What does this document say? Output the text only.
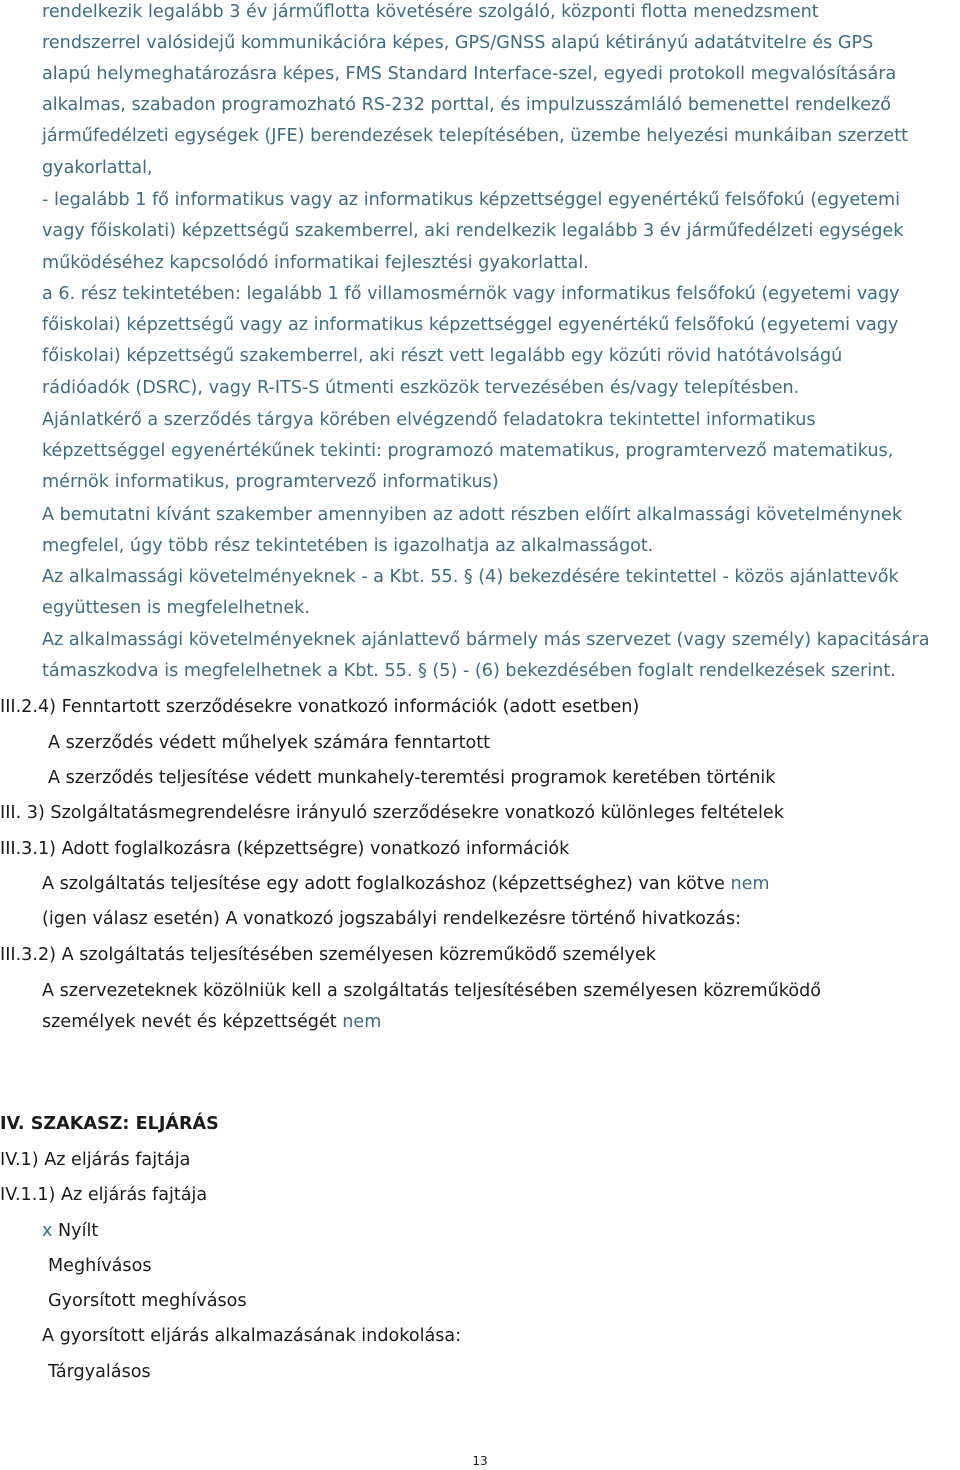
rendelkezik legalább 3 év járműflotta követésére szolgáló, központi flotta menedzsment
rendszerrel valósidejű kommunikációra képes, GPS/GNSS alapú kétirányú adatátvitelre és GPS
alapú helymeghatározásra képes, FMS Standard Interface-szel, egyedi protokoll megvalósítására
alkalmas, szabadon programozható RS-232 porttal, és impulzusszámláló bemenettel rendelkező
járműfedélzeti egységek (JFE) berendezések telepítésében, üzembe helyezési munkáiban szerzett
gyakorlattal,
- legalább 1 fő informatikus vagy az informatikus képzettséggel egyenértékű felsőfokú (egyetemi
vagy főiskolati) képzettségű szakemberrel, aki rendelkezik legalább 3 év járműfedélzeti egységek
működéséhez kapcsolódó informatikai fejlesztési gyakorlattal.
a 6. rész tekintetében: legalább 1 fő villamosmérnök vagy informatikus felsőfokú (egyetemi vagy
főiskolai) képzettségű vagy az informatikus képzettséggel egyenértékű felsőfokú (egyetemi vagy
főiskolai) képzettségű szakemberrel, aki részt vett legalább egy közúti rövid hatótávolságú
rádióadók (DSRC), vagy R-ITS-S útmenti eszközök tervezésében és/vagy telepítésben.
Ajánlatkérő a szerződés tárgya körében elvégzendő feladatokra tekintettel informatikus
képzettséggel egyenértékűnek tekinti: programozó matematikus, programtervező matematikus,
mérnök informatikus, programtervező informatikus)
A bemutatni kívánt szakember amennyiben az adott részben előírt alkalmassági követelménynek
megfelel, úgy több rész tekintetében is igazolhatja az alkalmasságot.
Az alkalmassági követelményeknek - a Kbt. 55. § (4) bekezdésére tekintettel - közös ajánlattevők
együttesen is megfelelhetnek.
Az alkalmassági követelményeknek ajánlattevő bármely más szervezet (vagy személy) kapacitására
támaszkodva is megfelelhetnek a Kbt. 55. § (5) - (6) bekezdésében foglalt rendelkezések szerint.
III.2.4) Fenntartott szerződésekre vonatkozó információk (adott esetben)
A szerződés védett műhelyek számára fenntartott
A szerződés teljesítése védett munkahely-teremtési programok keretében történik
III. 3) Szolgáltatásmegrendelésre irányuló szerződésekre vonatkozó különleges feltételek
III.3.1) Adott foglalkozásra (képzettségre) vonatkozó információk
A szolgáltatás teljesítése egy adott foglalkozáshoz (képzettséghez) van kötve nem
(igen válasz esetén) A vonatkozó jogszabályi rendelkezésre történő hivatkozás:
III.3.2) A szolgáltatás teljesítésében személyesen közreműködő személyek
A szervezeteknek közölniük kell a szolgáltatás teljesítésében személyesen közreműködő
személyek nevét és képzettségét nem
IV. SZAKASZ: ELJÁRÁS
IV.1) Az eljárás fajtája
IV.1.1) Az eljárás fajtája
x Nyílt
Meghívásos
Gyorsított meghívásos
A gyorsított eljárás alkalmazásának indokolása:
Tárgyalásos
13
